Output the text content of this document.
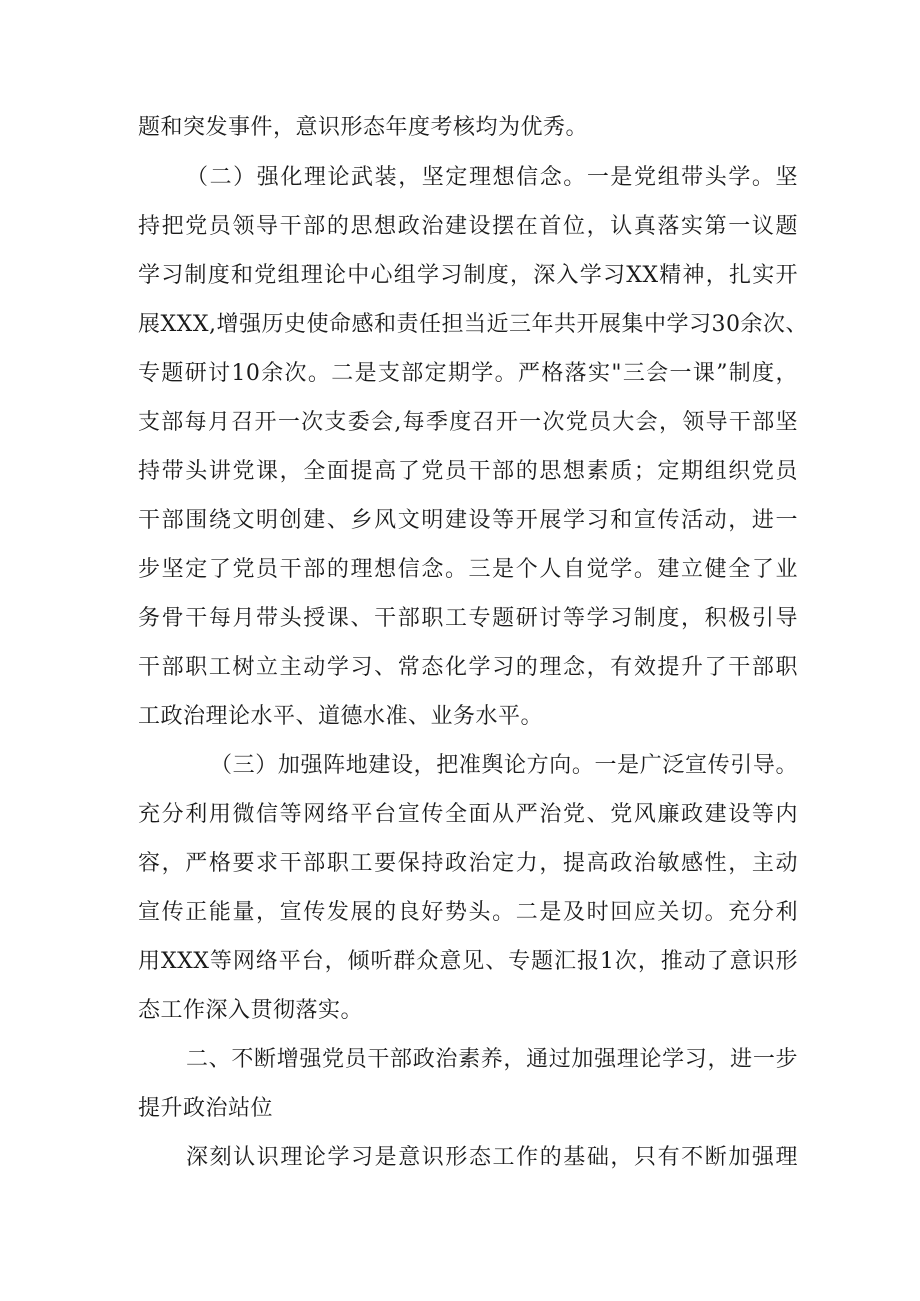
题和突发事件，意识形态年度考核均为优秀。
（二）强化理论武装，坚定理想信念。一是党组带头学。坚
持把党员领导干部的思想政治建设摆在首位，认真落实第一议题
学习制度和党组理论中心组学习制度，深入学习XX精神，扎实开
展XXX,增强历史使命感和责任担当近三年共开展集中学习30余次、
专题研讨10余次。二是支部定期学。严格落实"三会一课”制度，
支部每月召开一次支委会,每季度召开一次党员大会，领导干部坚
持带头讲党课，全面提高了党员干部的思想素质；定期组织党员
干部围绕文明创建、乡风文明建设等开展学习和宣传活动，进一
步坚定了党员干部的理想信念。三是个人自觉学。建立健全了业
务骨干每月带头授课、干部职工专题研讨等学习制度，积极引导
干部职工树立主动学习、常态化学习的理念，有效提升了干部职
工政治理论水平、道德水准、业务水平。
（三）加强阵地建设，把准舆论方向。一是广泛宣传引导。
充分利用微信等网络平台宣传全面从严治党、党风廉政建设等内
容，严格要求干部职工要保持政治定力，提高政治敏感性，主动
宣传正能量，宣传发展的良好势头。二是及时回应关切。充分利
用XXX等网络平台，倾听群众意见、专题汇报1次，推动了意识形
态工作深入贯彻落实。
二、不断增强党员干部政治素养，通过加强理论学习，进一步
提升政治站位
深刻认识理论学习是意识形态工作的基础，只有不断加强理
